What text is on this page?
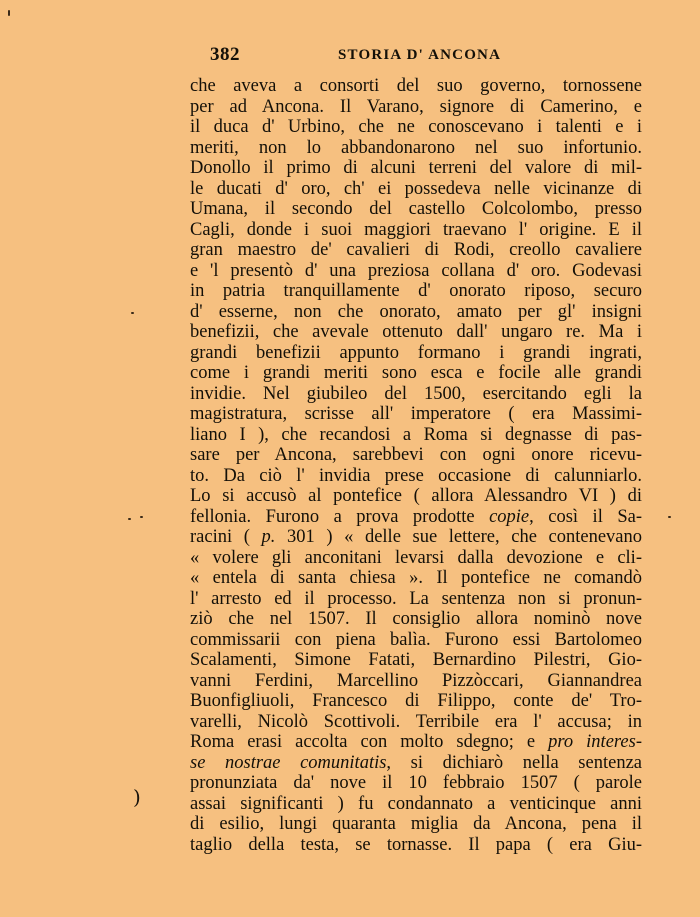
382	STORIA D' ANCONA
che aveva a consorti del suo governo, tornossene
per ad Ancona. Il Varano, signore di Camerino, e
il duca d' Urbino, che ne conoscevano i talenti e i
meriti, non lo abbandonarono nel suo infortunio.
Donollo il primo di alcuni terreni del valore di mil-
le ducati d' oro, ch' ei possedeva nelle vicinanze di
Umana, il secondo del castello Colcolombo, presso
Cagli, donde i suoi maggiori traevano l' origine. E il
gran maestro de' cavalieri di Rodi, creollo cavaliere
e 'l presentò d' una preziosa collana d' oro. Godevasi
in patria tranquillamente d' onorato riposo, securo
d' esserne, non che onorato, amato per gl' insigni
benefizii, che avevale ottenuto dall' ungaro re. Ma i
grandi benefizii appunto formano i grandi ingrati,
come i grandi meriti sono esca e focile alle grandi
invidie. Nel giubileo del 1500, esercitando egli la
magistratura, scrisse all' imperatore ( era Massimi-
liano I ), che recandosi a Roma si degnasse di pas-
sare per Ancona, sarebbevi con ogni onore ricevu-
to. Da ciò l' invidia prese occasione di calunniarlo.
Lo si accusò al pontefice ( allora Alessandro VI ) di
fellonia. Furono a prova prodotte copie, così il Sa-
racini ( p. 301 ) « delle sue lettere, che contenevano
« volere gli anconitani levarsi dalla devozione e cli-
« entela di santa chiesa ». Il pontefice ne comandò
l' arresto ed il processo. La sentenza non si pronun-
ziò che nel 1507. Il consiglio allora nominò nove
commissarii con piena balìa. Furono essi Bartolomeo
Scalamenti, Simone Fatati, Bernardino Pilestri, Gio-
vanni Ferdini, Marcellino Pizzòccari, Giannandrea
Buonfigliuoli, Francesco di Filippo, conte de' Tro-
varelli, Nicolò Scottivoli. Terribile era l' accusa; in
Roma erasi accolta con molto sdegno; e pro interes-
se nostrae comunitatis, si dichiarò nella sentenza
pronunziata da' nove il 10 febbraio 1507 ( parole
assai significanti ) fu condannato a venticinque anni
di esilio, lungi quaranta miglia da Ancona, pena il
taglio della testa, se tornasse. Il papa ( era Giu-
)
